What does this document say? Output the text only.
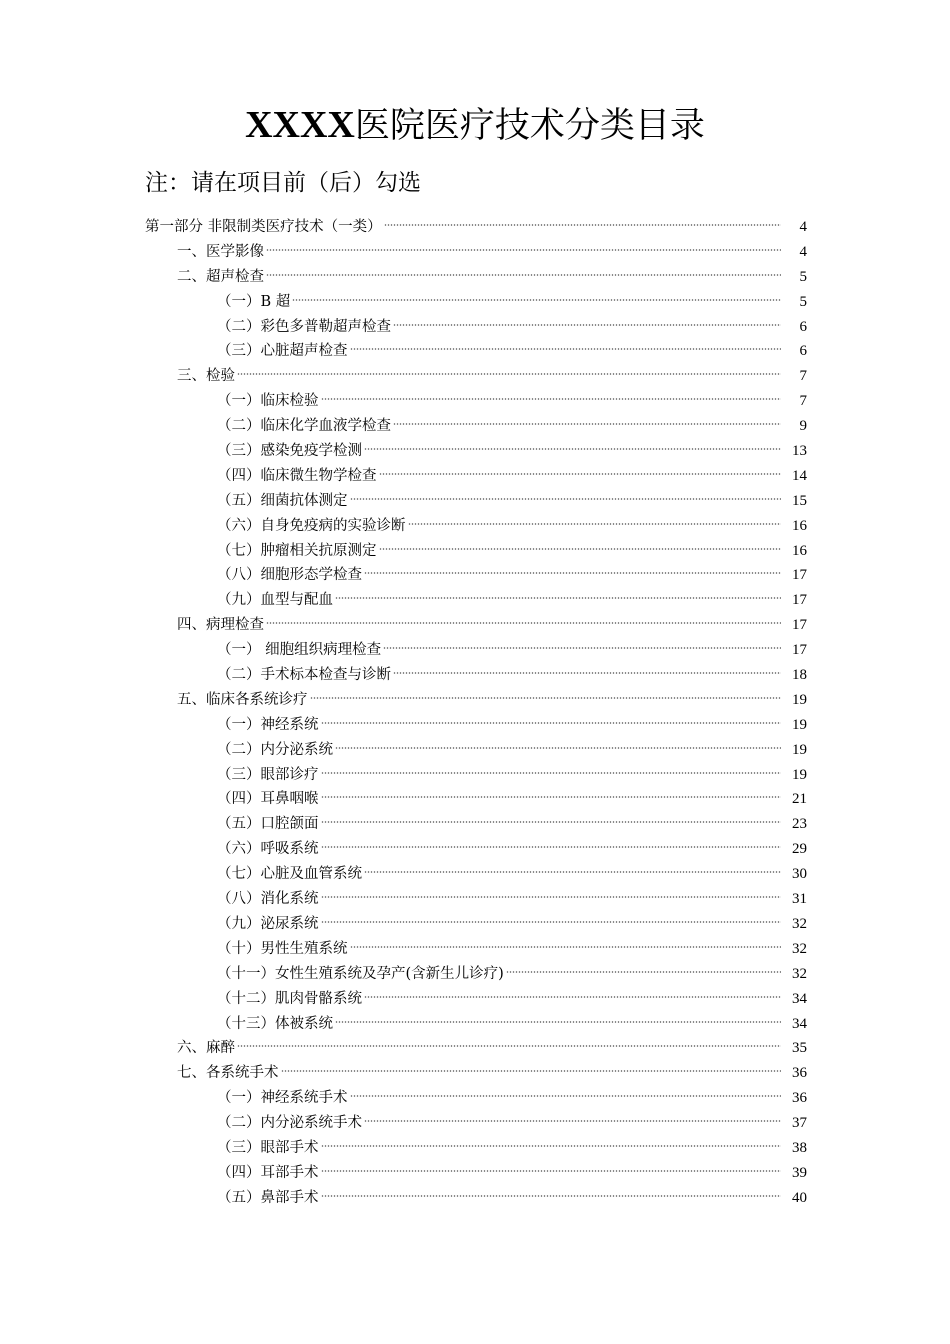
XXXX医院医疗技术分类目录

注：请在项目前（后）勾选

第一部分 非限制类医疗技术（一类）	4
一、医学影像	4
二、超声检查	5
（一）B 超	5
（二）彩色多普勒超声检查	6
（三）心脏超声检查	6
三、检验	7
（一）临床检验	7
（二）临床化学血液学检查	9
（三）感染免疫学检测	13
（四）临床微生物学检查	14
（五）细菌抗体测定	15
（六）自身免疫病的实验诊断	16
（七）肿瘤相关抗原测定	16
（八）细胞形态学检查	17
（九）血型与配血	17
四、病理检查	17
（一） 细胞组织病理检查	17
（二）手术标本检查与诊断	18
五、临床各系统诊疗	19
（一）神经系统	19
（二）内分泌系统	19
（三）眼部诊疗	19
（四）耳鼻咽喉	21
（五）口腔颌面	23
（六）呼吸系统	29
（七）心脏及血管系统	30
（八）消化系统	31
（九）泌尿系统	32
（十）男性生殖系统	32
（十一）女性生殖系统及孕产(含新生儿诊疗)	32
（十二）肌肉骨骼系统	34
（十三）体被系统	34
六、麻醉	35
七、各系统手术	36
（一）神经系统手术	36
（二）内分泌系统手术	37
（三）眼部手术	38
（四）耳部手术	39
（五）鼻部手术	40
